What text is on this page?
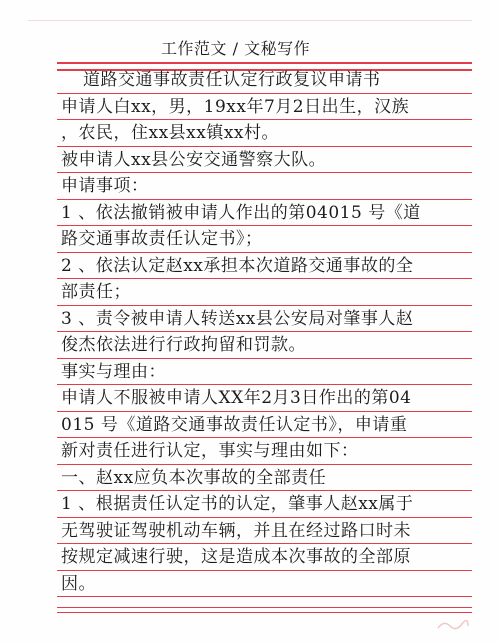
工作范文 / 文秘写作
道路交通事故责任认定行政复议申请书
申请人白xx，男，19xx年7月2日出生，汉族
，农民，住xx县xx镇xx村。
被申请人xx县公安交通警察大队。
申请事项：
1 、依法撤销被申请人作出的第04015 号《道
路交通事故责任认定书》；
2 、依法认定赵xx承担本次道路交通事故的全
部责任；
3 、责令被申请人转送xx县公安局对肇事人赵
俊杰依法进行行政拘留和罚款。
事实与理由：
申请人不服被申请人XX年2月3日作出的第04
015 号《道路交通事故责任认定书》，申请重
新对责任进行认定，事实与理由如下：
一、赵xx应负本次事故的全部责任
1 、根据责任认定书的认定，肇事人赵xx属于
无驾驶证驾驶机动车辆，并且在经过路口时未
按规定减速行驶，这是造成本次事故的全部原
因。
